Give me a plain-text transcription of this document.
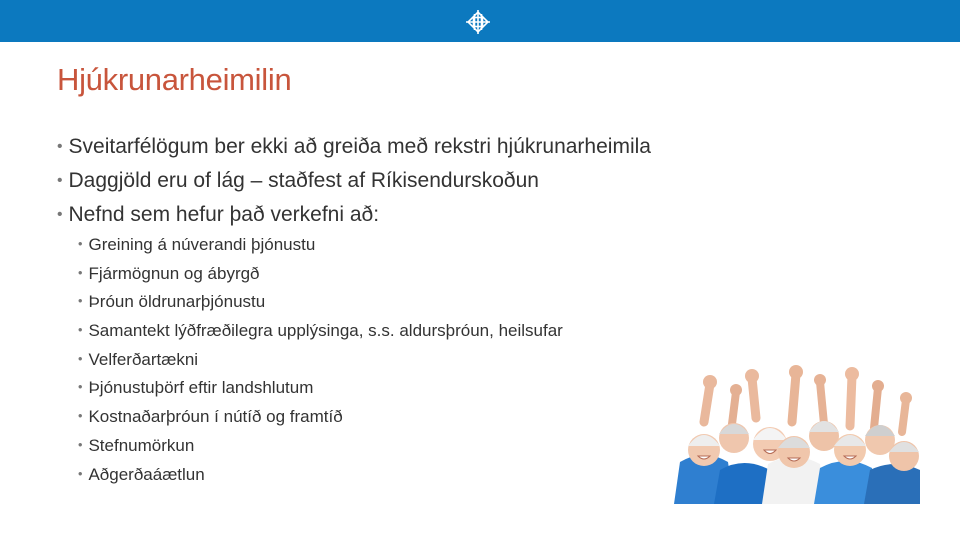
Hjúkrunarheimilin
• Sveitarfélögum ber ekki að greiða með rekstri hjúkrunarheimila
• Daggjöld eru of lág – staðfest af Ríkisendurskoðun
• Nefnd sem hefur það verkefni að:
• Greining á núverandi þjónustu
• Fjármögnun og ábyrgð
• Þróun öldrunarþjónustu
• Samantekt lýðfræðilegra upplýsinga, s.s. aldursþróun, heilsufar
• Velferðartækni
• Þjónustuþörf eftir landshlutum
• Kostnaðarþróun í nútíð og framtíð
• Stefnumörkun
• Aðgerðaáætlun
